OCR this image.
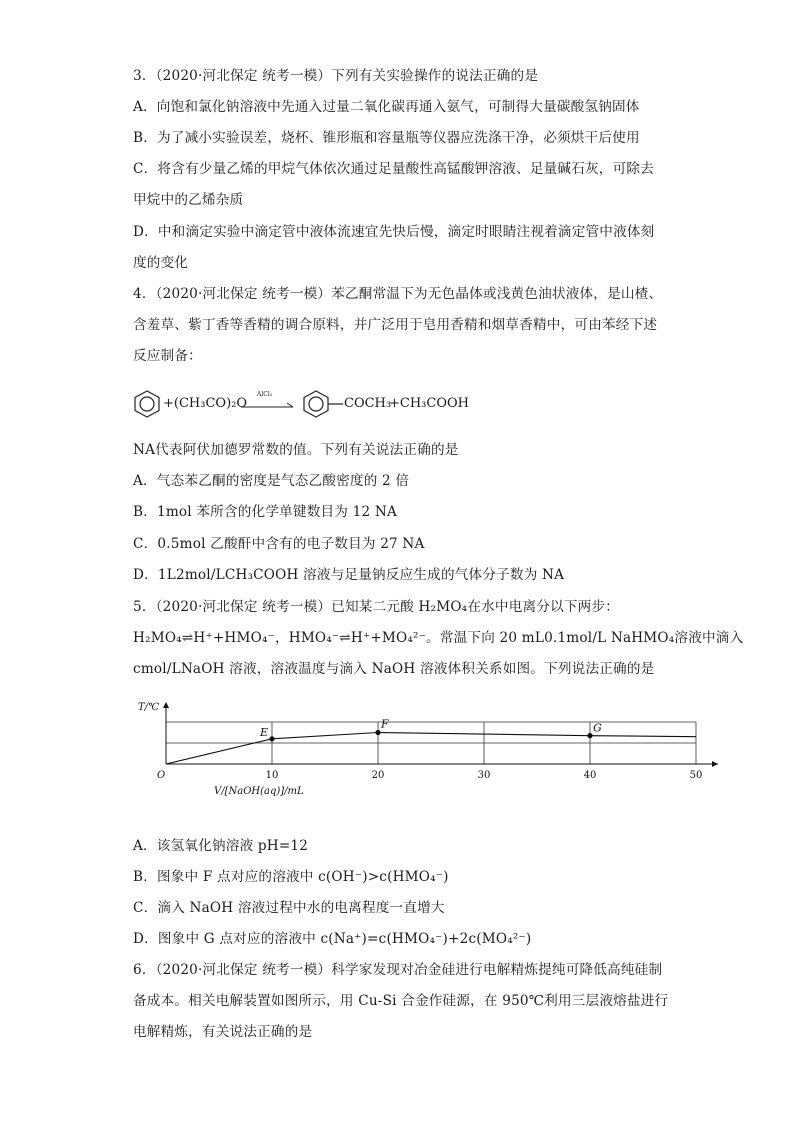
3．（2020·河北保定 统考一模）下列有关实验操作的说法正确的是
A．向饱和氯化钠溶液中先通入过量二氧化碳再通入氨气，可制得大量碳酸氢钠固体
B．为了减小实验误差，烧杯、锥形瓶和容量瓶等仪器应洗涤干净，必须烘干后使用
C．将含有少量乙烯的甲烷气体依次通过足量酸性高锰酸钾溶液、足量碱石灰，可除去
甲烷中的乙烯杂质
D．中和滴定实验中滴定管中液体流速宜先快后慢，滴定时眼睛注视着滴定管中液体刻
度的变化
4．（2020·河北保定 统考一模）苯乙酮常温下为无色晶体或浅黄色油状液体，是山楂、
含羞草、紫丁香等香精的调合原料，并广泛用于皂用香精和烟草香精中，可由苯经下述
反应制备：
+(CH₃CO)₂O
AlCl₃
COCH₃
+CH₃COOH
NA代表阿伏加德罗常数的值。下列有关说法正确的是
A．气态苯乙酮的密度是气态乙酸密度的 2 倍
B．1mol 苯所含的化学单键数目为 12 NA
C．0.5mol 乙酸酐中含有的电子数目为 27 NA
D．1L2mol/LCH₃COOH 溶液与足量钠反应生成的气体分子数为 NA
5．（2020·河北保定 统考一模）已知某二元酸 H₂MO₄在水中电离分以下两步：
H₂MO₄⇌H⁺+HMO₄⁻，HMO₄⁻⇌H⁺+MO₄²⁻。常温下向 20 mL0.1mol/L NaHMO₄溶液中滴入
cmol/LNaOH 溶液，溶液温度与滴入 NaOH 溶液体积关系如图。下列说法正确的是
E
F	G
10	20	30	40	50
O
T/℃
V/[NaOH(aq)]/mL
A．该氢氧化钠溶液 pH=12
B．图象中 F 点对应的溶液中 c(OH⁻)>c(HMO₄⁻)
C．滴入 NaOH 溶液过程中水的电离程度一直增大
D．图象中 G 点对应的溶液中 c(Na⁺)=c(HMO₄⁻)+2c(MO₄²⁻)
6．（2020·河北保定 统考一模）科学家发现对冶金硅进行电解精炼提纯可降低高纯硅制
备成本。相关电解装置如图所示，用 Cu-Si 合金作硅源，在 950℃利用三层液熔盐进行
电解精炼，有关说法正确的是
